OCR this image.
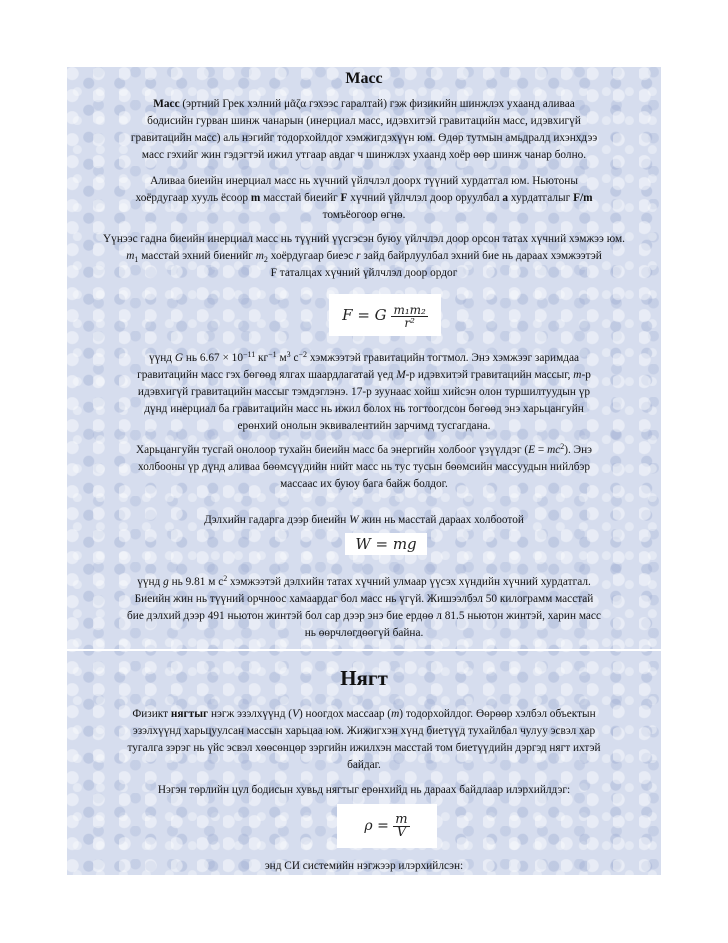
Масс
Масс (эртний Грек хэлний μᾶζα гэхээс гаралтай) гэж физикийн шинжлэх ухаанд аливаа
бодисийн гурван шинж чанарын (инерциал масс, идэвхитэй гравитацийн масс, идэвхигүй
гравитацийн масс) аль нэгийг тодорхойлдог хэмжигдэхүүн юм. Өдөр тутмын амьдралд ихэнхдээ
масс гэхийг жин гэдэгтэй ижил утгаар авдаг ч шинжлэх ухаанд хоёр өөр шинж чанар болно.
Аливаа биеийн инерциал масс нь хүчний үйлчлэл доорх түүний хурдатгал юм. Ньютоны
хоёрдугаар хууль ёсоор m масстай биеийг F хүчний үйлчлэл доор оруулбал a хурдатгалыг F/m
томъёогоор өгнө.
Үүнээс гадна биеийн инерциал масс нь түүний үүсгэсэн буюу үйлчлэл доор орсон татах хүчний хэмжээ юм.
$m_1$ масстай эхний биенийг $m_2$ хоёрдугаар биеэс r зайд байрлуулбал эхний бие нь дараах хэмжээтэй
F таталцах хүчний үйлчлэл доор ордог
F = G $\frac{\text{m₁m₂}}{\text{r²}}$
үүнд G нь $6.67 \times 10^{-11}$ $кг^{-1}$ $м^3$ $с^{-2}$ хэмжээтэй гравитацийн тогтмол. Энэ хэмжээг заримдаа
гравитацийн масс гэх бөгөөд ялгах шаардлагатай үед M-р идэвхитэй гравитацийн массыг, m-р
идэвхигүй гравитацийн массыг тэмдэглэнэ. 17-р зуунаас хойш хийсэн олон туршилтуудын үр
дүнд инерциал ба гравитацийн масс нь ижил болох нь тогтоогдсон бөгөөд энэ харьцангуйн
ерөнхий онолын эквивалентийн зарчимд тусгагдана.
Харьцангуйн тусгай онолоор тухайн биеийн масс ба энергийн холбоог үзүүлдэг $(E = mc^2)$. Энэ
холбооны үр дүнд аливаа бөөмсүүдийн нийт масс нь тус тусын бөөмсийн массуудын нийлбэр
массаас их буюу бага байж болдог.
Дэлхийн гадарга дээр биеийн W жин нь масстай дараах холбоотой
W = mg
үүнд g нь 9.81 м $с^2$ хэмжээтэй дэлхийн татах хүчний улмаар үүсэх хүндийн хүчний хурдатгал.
Биеийн жин нь түүний орчноос хамаардаг бол масс нь үгүй. Жишээлбэл 50 килограмм масстай
бие дэлхий дээр 491 ньютон жинтэй бол сар дээр энэ бие ердөө л 81.5 ньютон жинтэй, харин масс
нь өөрчлөгдөөгүй байна.
Нягт
Физикт нягтыг нэгж эзэлхүүнд (V) ноогдох массаар (m) тодорхойлдог. Өөрөөр хэлбэл объектын
эзэлхүүнд харьцуулсан массын харьцаа юм. Жижигхэн хүнд биетүүд тухайлбал чулуу эсвэл хар
тугалга зэрэг нь үйс эсвэл хөөсөнцөр зэргийн ижилхэн масстай том биетүүдийн дэргэд нягт ихтэй
байдаг.
Нэгэн төрлийн цул бодисын хувьд нягтыг ерөнхийд нь дараах байдлаар илэрхийлдэг:
$\rho = \frac{m}{V}$
энд СИ системийн нэгжээр илэрхийлсэн:
